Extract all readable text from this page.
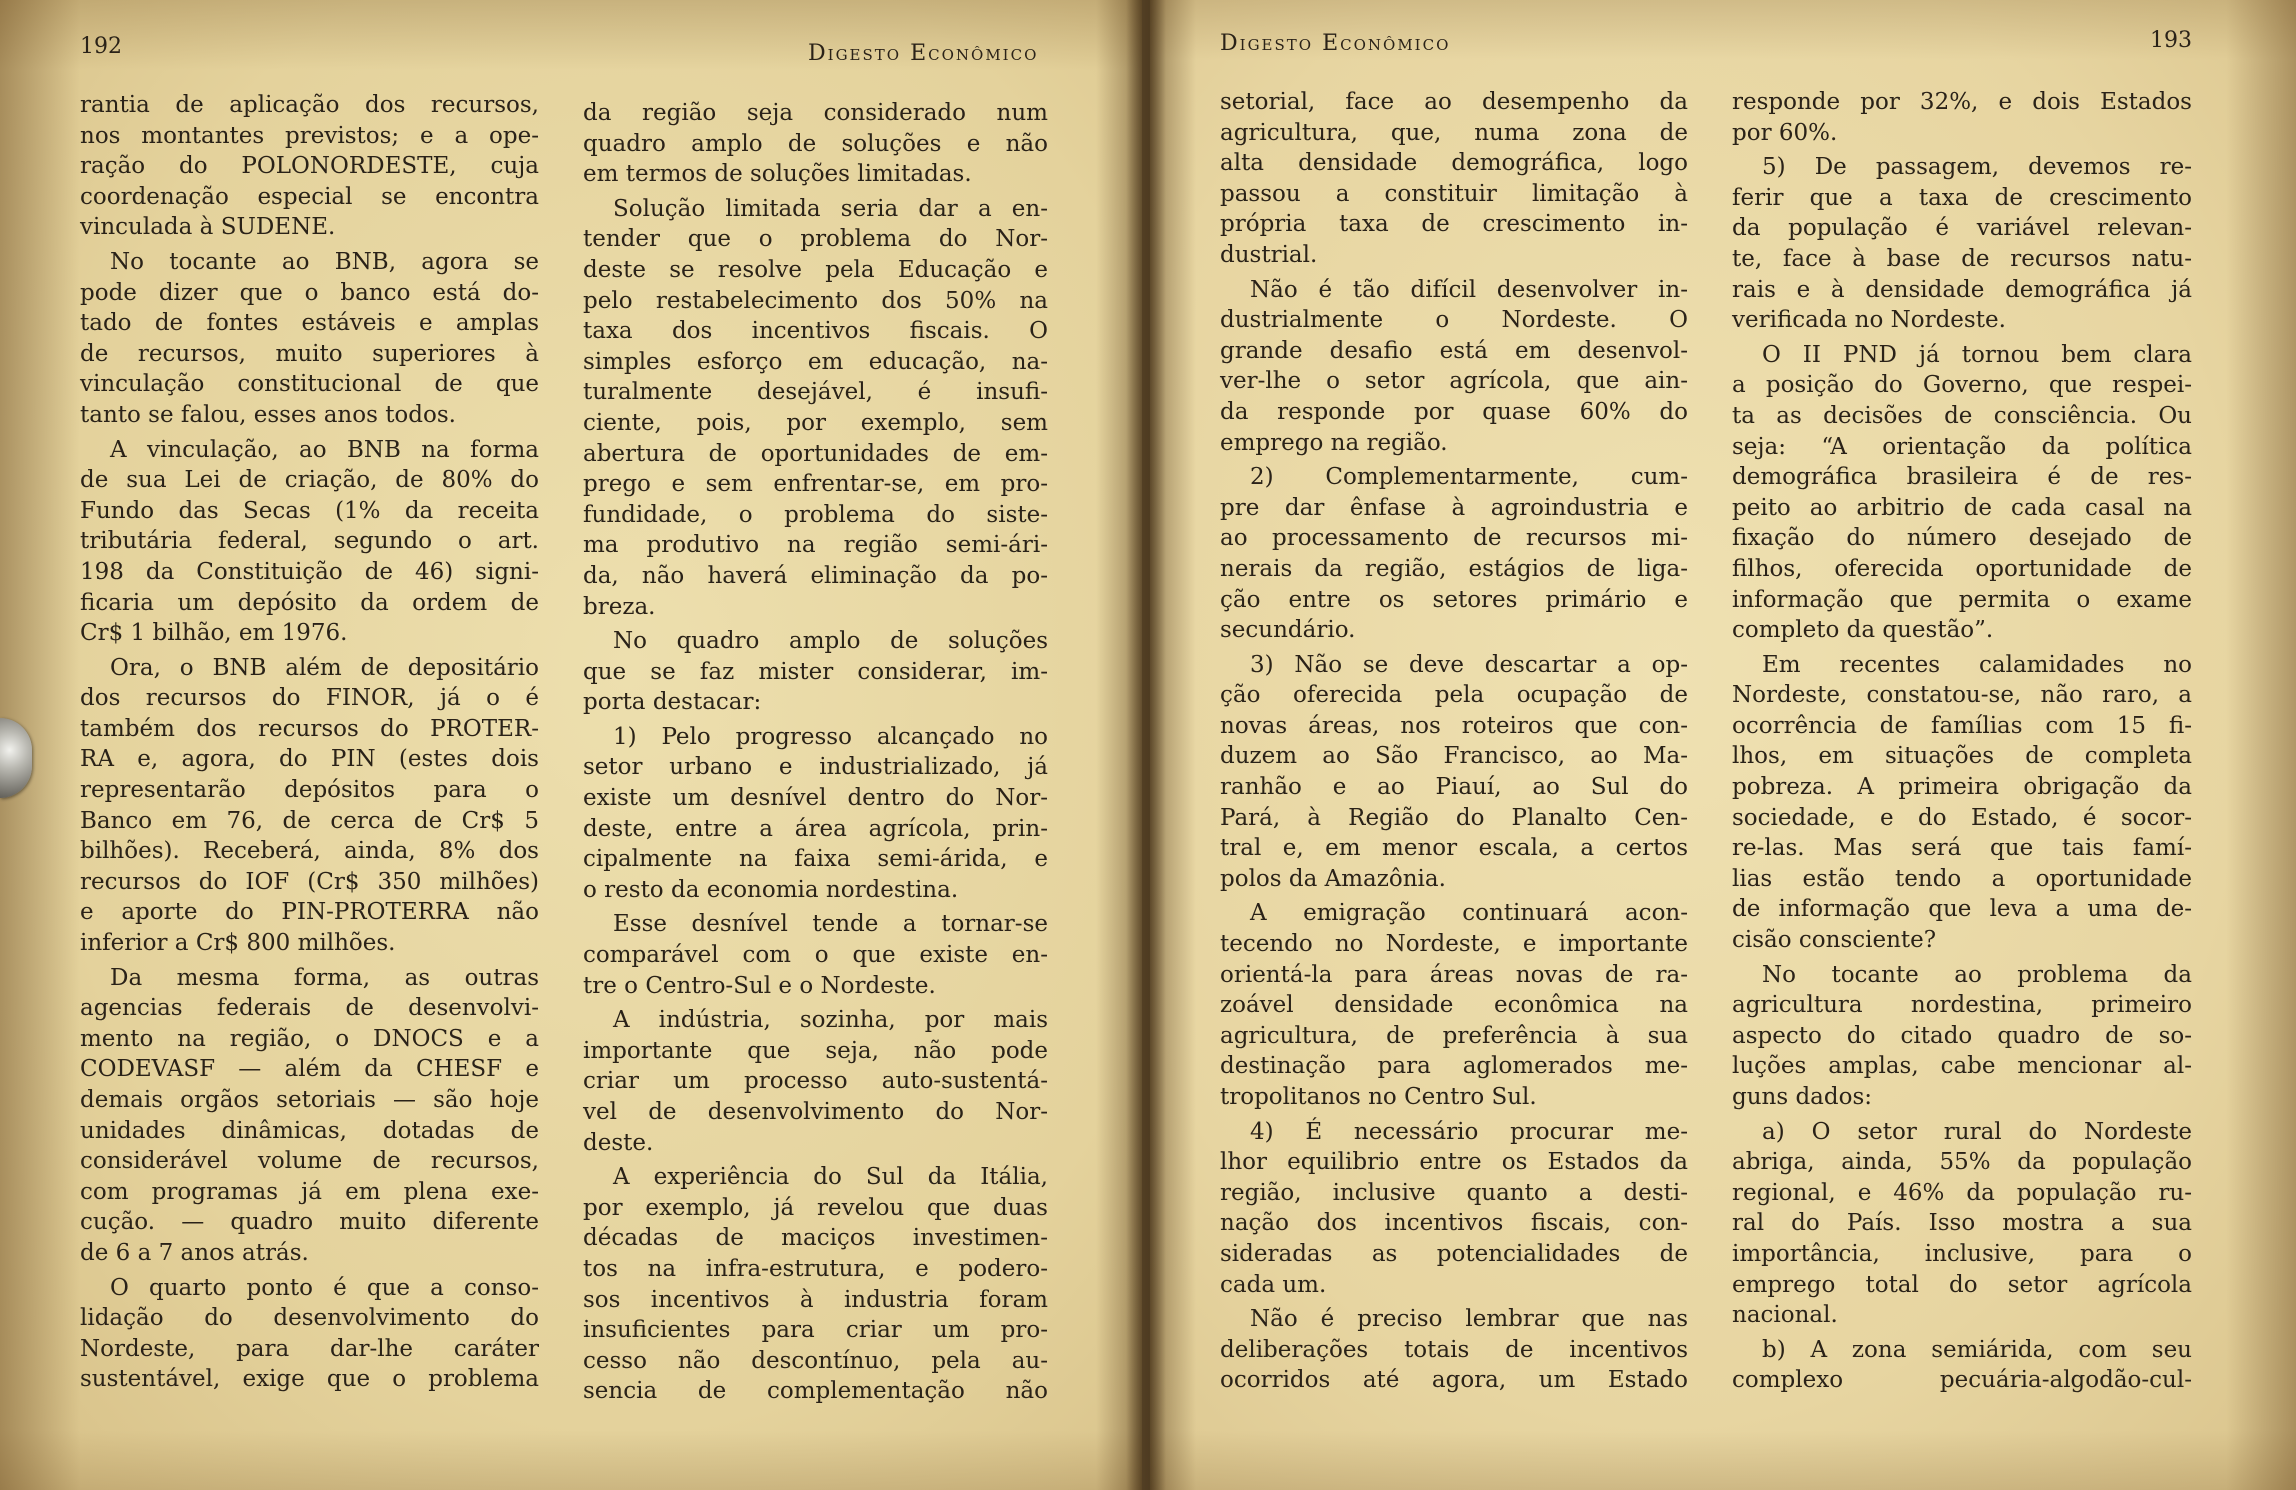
192	Digesto Econômico
rantia de aplicação dos recursos,
nos montantes previstos; e a ope-
ração do POLONORDESTE, cuja
coordenação especial se encontra
vinculada à SUDENE.
No tocante ao BNB, agora se
pode dizer que o banco está do-
tado de fontes estáveis e amplas
de recursos, muito superiores à
vinculação constitucional de que
tanto se falou, esses anos todos.
A vinculação, ao BNB na forma
de sua Lei de criação, de 80% do
Fundo das Secas (1% da receita
tributária federal, segundo o art.
198 da Constituição de 46) signi-
ficaria um depósito da ordem de
Cr$ 1 bilhão, em 1976.
Ora, o BNB além de depositário
dos recursos do FINOR, já o é
também dos recursos do PROTER-
RA e, agora, do PIN (estes dois
representarão depósitos para o
Banco em 76, de cerca de Cr$ 5
bilhões). Receberá, ainda, 8% dos
recursos do IOF (Cr$ 350 milhões)
e aporte do PIN-PROTERRA não
inferior a Cr$ 800 milhões.
Da mesma forma, as outras
agencias federais de desenvolvi-
mento na região, o DNOCS e a
CODEVASF — além da CHESF e
demais orgãos setoriais — são hoje
unidades dinâmicas, dotadas de
considerável volume de recursos,
com programas já em plena exe-
cução. — quadro muito diferente
de 6 a 7 anos atrás.
O quarto ponto é que a conso-
lidação do desenvolvimento do
Nordeste, para dar-lhe caráter
sustentável, exige que o problema
da região seja considerado num
quadro amplo de soluções e não
em termos de soluções limitadas.
Solução limitada seria dar a en-
tender que o problema do Nor-
deste se resolve pela Educação e
pelo restabelecimento dos 50% na
taxa dos incentivos fiscais. O
simples esforço em educação, na-
turalmente desejável, é insufi-
ciente, pois, por exemplo, sem
abertura de oportunidades de em-
prego e sem enfrentar-se, em pro-
fundidade, o problema do siste-
ma produtivo na região semi-ári-
da, não haverá eliminação da po-
breza.
No quadro amplo de soluções
que se faz mister considerar, im-
porta destacar:
1) Pelo progresso alcançado no
setor urbano e industrializado, já
existe um desnível dentro do Nor-
deste, entre a área agrícola, prin-
cipalmente na faixa semi-árida, e
o resto da economia nordestina.
Esse desnível tende a tornar-se
comparável com o que existe en-
tre o Centro-Sul e o Nordeste.
A indústria, sozinha, por mais
importante que seja, não pode
criar um processo auto-sustentá-
vel de desenvolvimento do Nor-
deste.
A experiência do Sul da Itália,
por exemplo, já revelou que duas
décadas de maciços investimen-
tos na infra-estrutura, e podero-
sos incentivos à industria foram
insuficientes para criar um pro-
cesso não descontínuo, pela au-
sencia de complementação não
Digesto Econômico	193
setorial, face ao desempenho da
agricultura, que, numa zona de
alta densidade demográfica, logo
passou a constituir limitação à
própria taxa de crescimento in-
dustrial.
Não é tão difícil desenvolver in-
dustrialmente o Nordeste. O
grande desafio está em desenvol-
ver-lhe o setor agrícola, que ain-
da responde por quase 60% do
emprego na região.
2) Complementarmente, cum-
pre dar ênfase à agroindustria e
ao processamento de recursos mi-
nerais da região, estágios de liga-
ção entre os setores primário e
secundário.
3) Não se deve descartar a op-
ção oferecida pela ocupação de
novas áreas, nos roteiros que con-
duzem ao São Francisco, ao Ma-
ranhão e ao Piauí, ao Sul do
Pará, à Região do Planalto Cen-
tral e, em menor escala, a certos
polos da Amazônia.
A emigração continuará acon-
tecendo no Nordeste, e importante
orientá-la para áreas novas de ra-
zoável densidade econômica na
agricultura, de preferência à sua
destinação para aglomerados me-
tropolitanos no Centro Sul.
4) É necessário procurar me-
lhor equilibrio entre os Estados da
região, inclusive quanto a desti-
nação dos incentivos fiscais, con-
sideradas as potencialidades de
cada um.
Não é preciso lembrar que nas
deliberações totais de incentivos
ocorridos até agora, um Estado
responde por 32%, e dois Estados
por 60%.
5) De passagem, devemos re-
ferir que a taxa de crescimento
da população é variável relevan-
te, face à base de recursos natu-
rais e à densidade demográfica já
verificada no Nordeste.
O II PND já tornou bem clara
a posição do Governo, que respei-
ta as decisões de consciência. Ou
seja: “A orientação da política
demográfica brasileira é de res-
peito ao arbitrio de cada casal na
fixação do número desejado de
filhos, oferecida oportunidade de
informação que permita o exame
completo da questão”.
Em recentes calamidades no
Nordeste, constatou-se, não raro, a
ocorrência de famílias com 15 fi-
lhos, em situações de completa
pobreza. A primeira obrigação da
sociedade, e do Estado, é socor-
re-las. Mas será que tais famí-
lias estão tendo a oportunidade
de informação que leva a uma de-
cisão consciente?
No tocante ao problema da
agricultura nordestina, primeiro
aspecto do citado quadro de so-
luções amplas, cabe mencionar al-
guns dados:
a) O setor rural do Nordeste
abriga, ainda, 55% da população
regional, e 46% da população ru-
ral do País. Isso mostra a sua
importância, inclusive, para o
emprego total do setor agrícola
nacional.
b) A zona semiárida, com seu
complexo pecuária-algodão-cul-
